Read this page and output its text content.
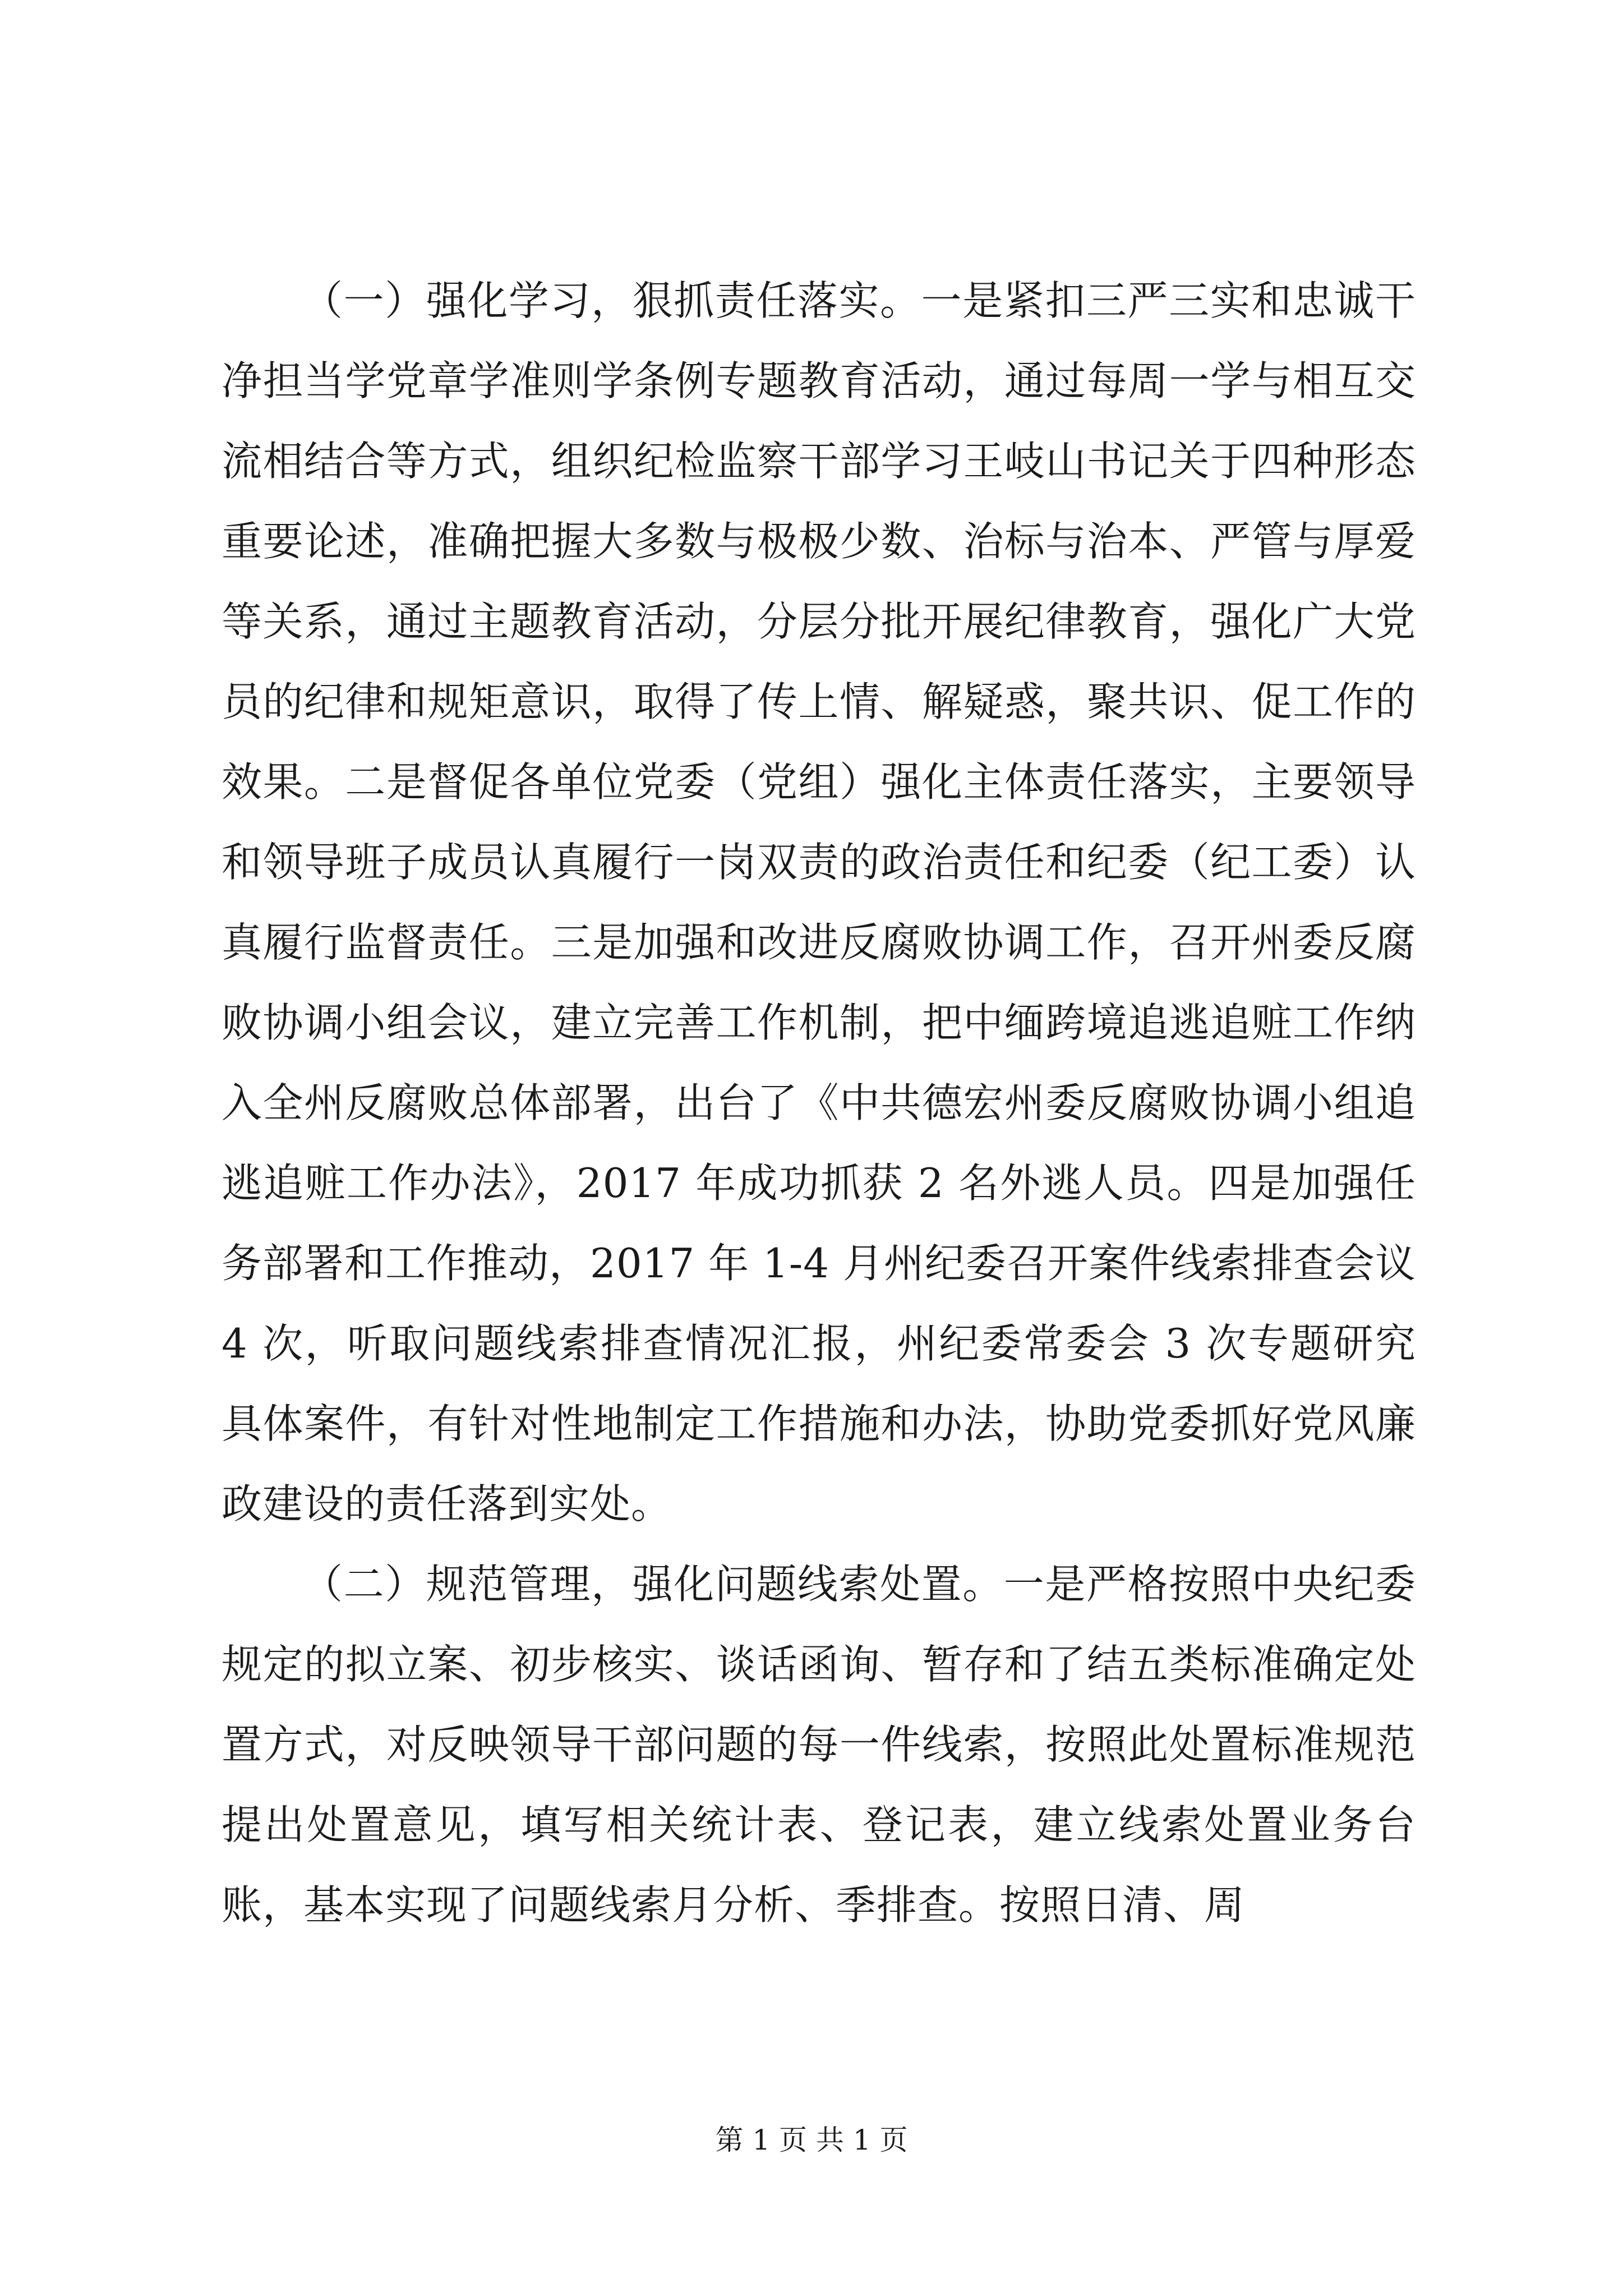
（一）强化学习，狠抓责任落实。一是紧扣三严三实和忠诚干净担当学党章学准则学条例专题教育活动，通过每周一学与相互交流相结合等方式，组织纪检监察干部学习王岐山书记关于四种形态重要论述，准确把握大多数与极极少数、治标与治本、严管与厚爱等关系，通过主题教育活动，分层分批开展纪律教育，强化广大党员的纪律和规矩意识，取得了传上情、解疑惑，聚共识、促工作的效果。二是督促各单位党委（党组）强化主体责任落实，主要领导和领导班子成员认真履行一岗双责的政治责任和纪委（纪工委）认真履行监督责任。三是加强和改进反腐败协调工作，召开州委反腐败协调小组会议，建立完善工作机制，把中缅跨境追逃追赃工作纳入全州反腐败总体部署，出台了《中共德宏州委反腐败协调小组追逃追赃工作办法》，2017 年成功抓获 2 名外逃人员。四是加强任务部署和工作推动，2017 年 1-4 月州纪委召开案件线索排查会议 4 次，听取问题线索排查情况汇报，州纪委常委会 3 次专题研究具体案件，有针对性地制定工作措施和办法，协助党委抓好党风廉政建设的责任落到实处。

（二）规范管理，强化问题线索处置。一是严格按照中央纪委规定的拟立案、初步核实、谈话函询、暂存和了结五类标准确定处置方式，对反映领导干部问题的每一件线索，按照此处置标准规范提出处置意见，填写相关统计表、登记表，建立线索处置业务台账，基本实现了问题线索月分析、季排查。按照日清、周

第 1 页 共 1 页
